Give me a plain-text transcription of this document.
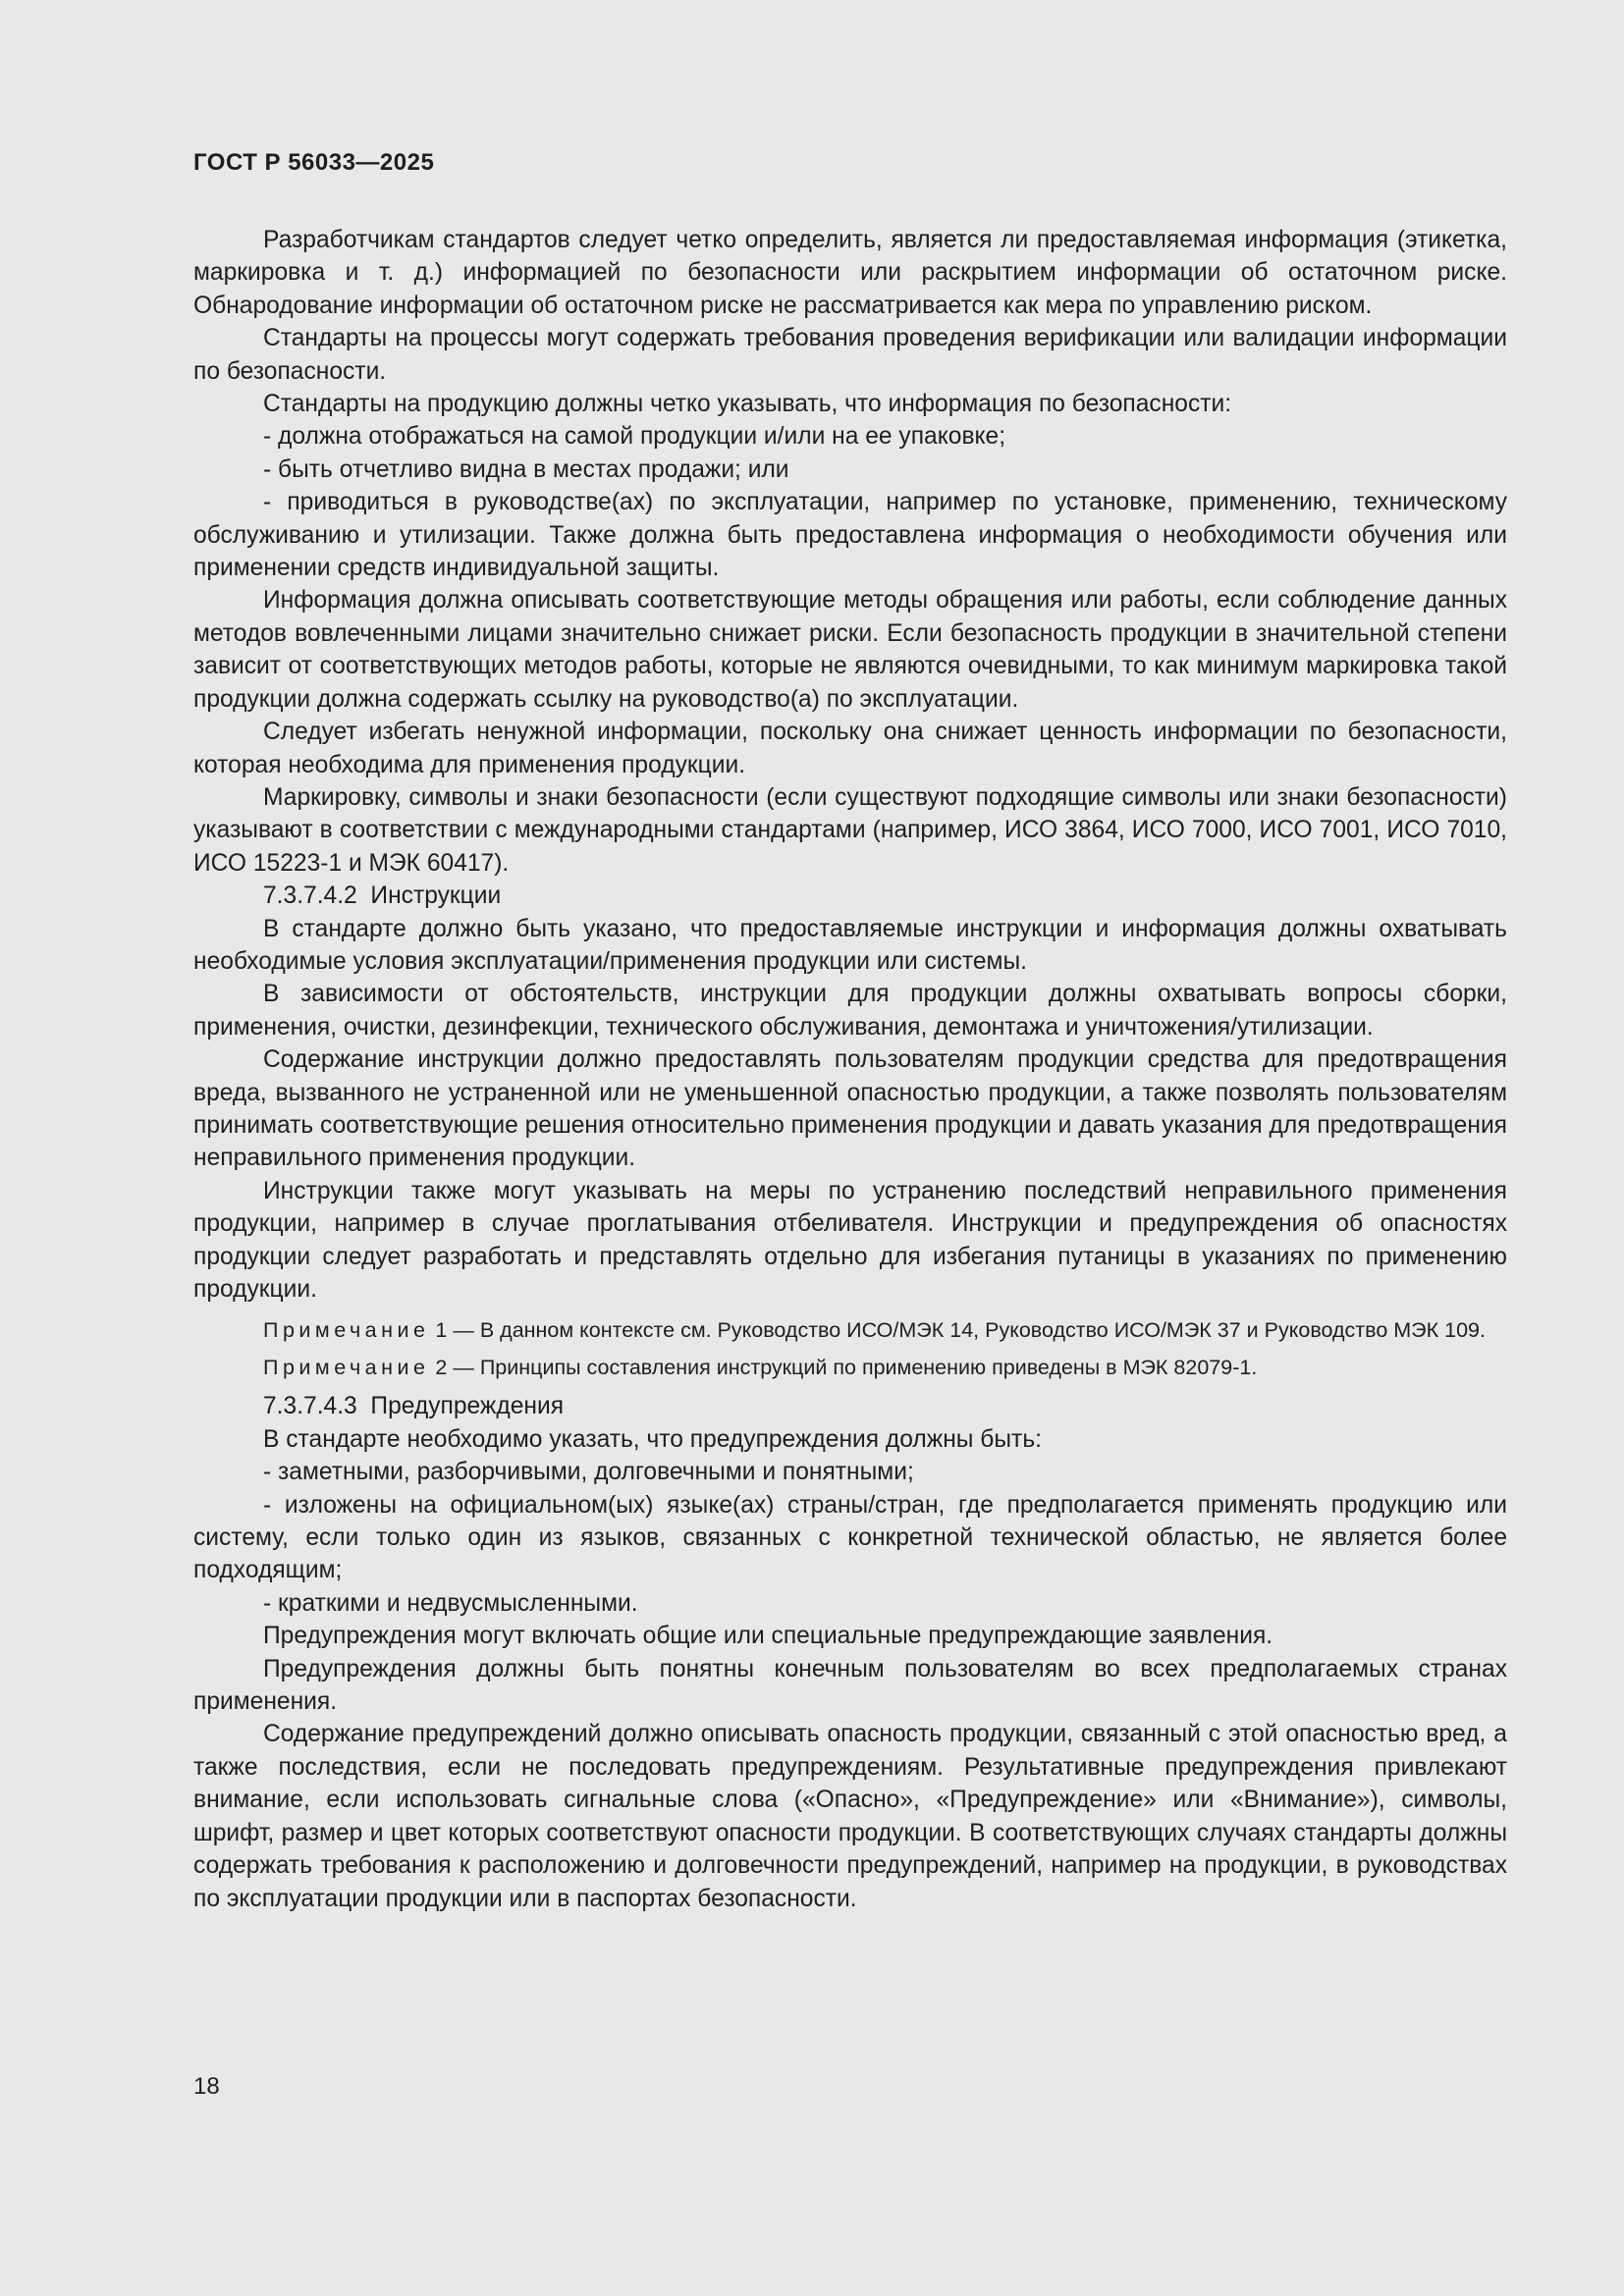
ГОСТ Р 56033—2025

Разработчикам стандартов следует четко определить, является ли предоставляемая информация (этикетка, маркировка и т. д.) информацией по безопасности или раскрытием информации об остаточном риске. Обнародование информации об остаточном риске не рассматривается как мера по управлению риском.

Стандарты на процессы могут содержать требования проведения верификации или валидации информации по безопасности.

Стандарты на продукцию должны четко указывать, что информация по безопасности:

- должна отображаться на самой продукции и/или на ее упаковке;

- быть отчетливо видна в местах продажи; или

- приводиться в руководстве(ах) по эксплуатации, например по установке, применению, техническому обслуживанию и утилизации. Также должна быть предоставлена информация о необходимости обучения или применении средств индивидуальной защиты.

Информация должна описывать соответствующие методы обращения или работы, если соблюдение данных методов вовлеченными лицами значительно снижает риски. Если безопасность продукции в значительной степени зависит от соответствующих методов работы, которые не являются очевидными, то как минимум маркировка такой продукции должна содержать ссылку на руководство(а) по эксплуатации.

Следует избегать ненужной информации, поскольку она снижает ценность информации по безопасности, которая необходима для применения продукции.

Маркировку, символы и знаки безопасности (если существуют подходящие символы или знаки безопасности) указывают в соответствии с международными стандартами (например, ИСО 3864, ИСО 7000, ИСО 7001, ИСО 7010, ИСО 15223-1 и МЭК 60417).

7.3.7.4.2  Инструкции

В стандарте должно быть указано, что предоставляемые инструкции и информация должны охватывать необходимые условия эксплуатации/применения продукции или системы.

В зависимости от обстоятельств, инструкции для продукции должны охватывать вопросы сборки, применения, очистки, дезинфекции, технического обслуживания, демонтажа и уничтожения/утилизации.

Содержание инструкции должно предоставлять пользователям продукции средства для предотвращения вреда, вызванного не устраненной или не уменьшенной опасностью продукции, а также позволять пользователям принимать соответствующие решения относительно применения продукции и давать указания для предотвращения неправильного применения продукции.

Инструкции также могут указывать на меры по устранению последствий неправильного применения продукции, например в случае проглатывания отбеливателя. Инструкции и предупреждения об опасностях продукции следует разработать и представлять отдельно для избегания путаницы в указаниях по применению продукции.

Примечание 1 — В данном контексте см. Руководство ИСО/МЭК 14, Руководство ИСО/МЭК 37 и Руководство МЭК 109.

Примечание 2 — Принципы составления инструкций по применению приведены в МЭК 82079-1.

7.3.7.4.3  Предупреждения

В стандарте необходимо указать, что предупреждения должны быть:

- заметными, разборчивыми, долговечными и понятными;

- изложены на официальном(ых) языке(ах) страны/стран, где предполагается применять продукцию или систему, если только один из языков, связанных с конкретной технической областью, не является более подходящим;

- краткими и недвусмысленными.

Предупреждения могут включать общие или специальные предупреждающие заявления.

Предупреждения должны быть понятны конечным пользователям во всех предполагаемых странах применения.

Содержание предупреждений должно описывать опасность продукции, связанный с этой опасностью вред, а также последствия, если не последовать предупреждениям. Результативные предупреждения привлекают внимание, если использовать сигнальные слова («Опасно», «Предупреждение» или «Внимание»), символы, шрифт, размер и цвет которых соответствуют опасности продукции. В соответствующих случаях стандарты должны содержать требования к расположению и долговечности предупреждений, например на продукции, в руководствах по эксплуатации продукции или в паспортах безопасности.

18
